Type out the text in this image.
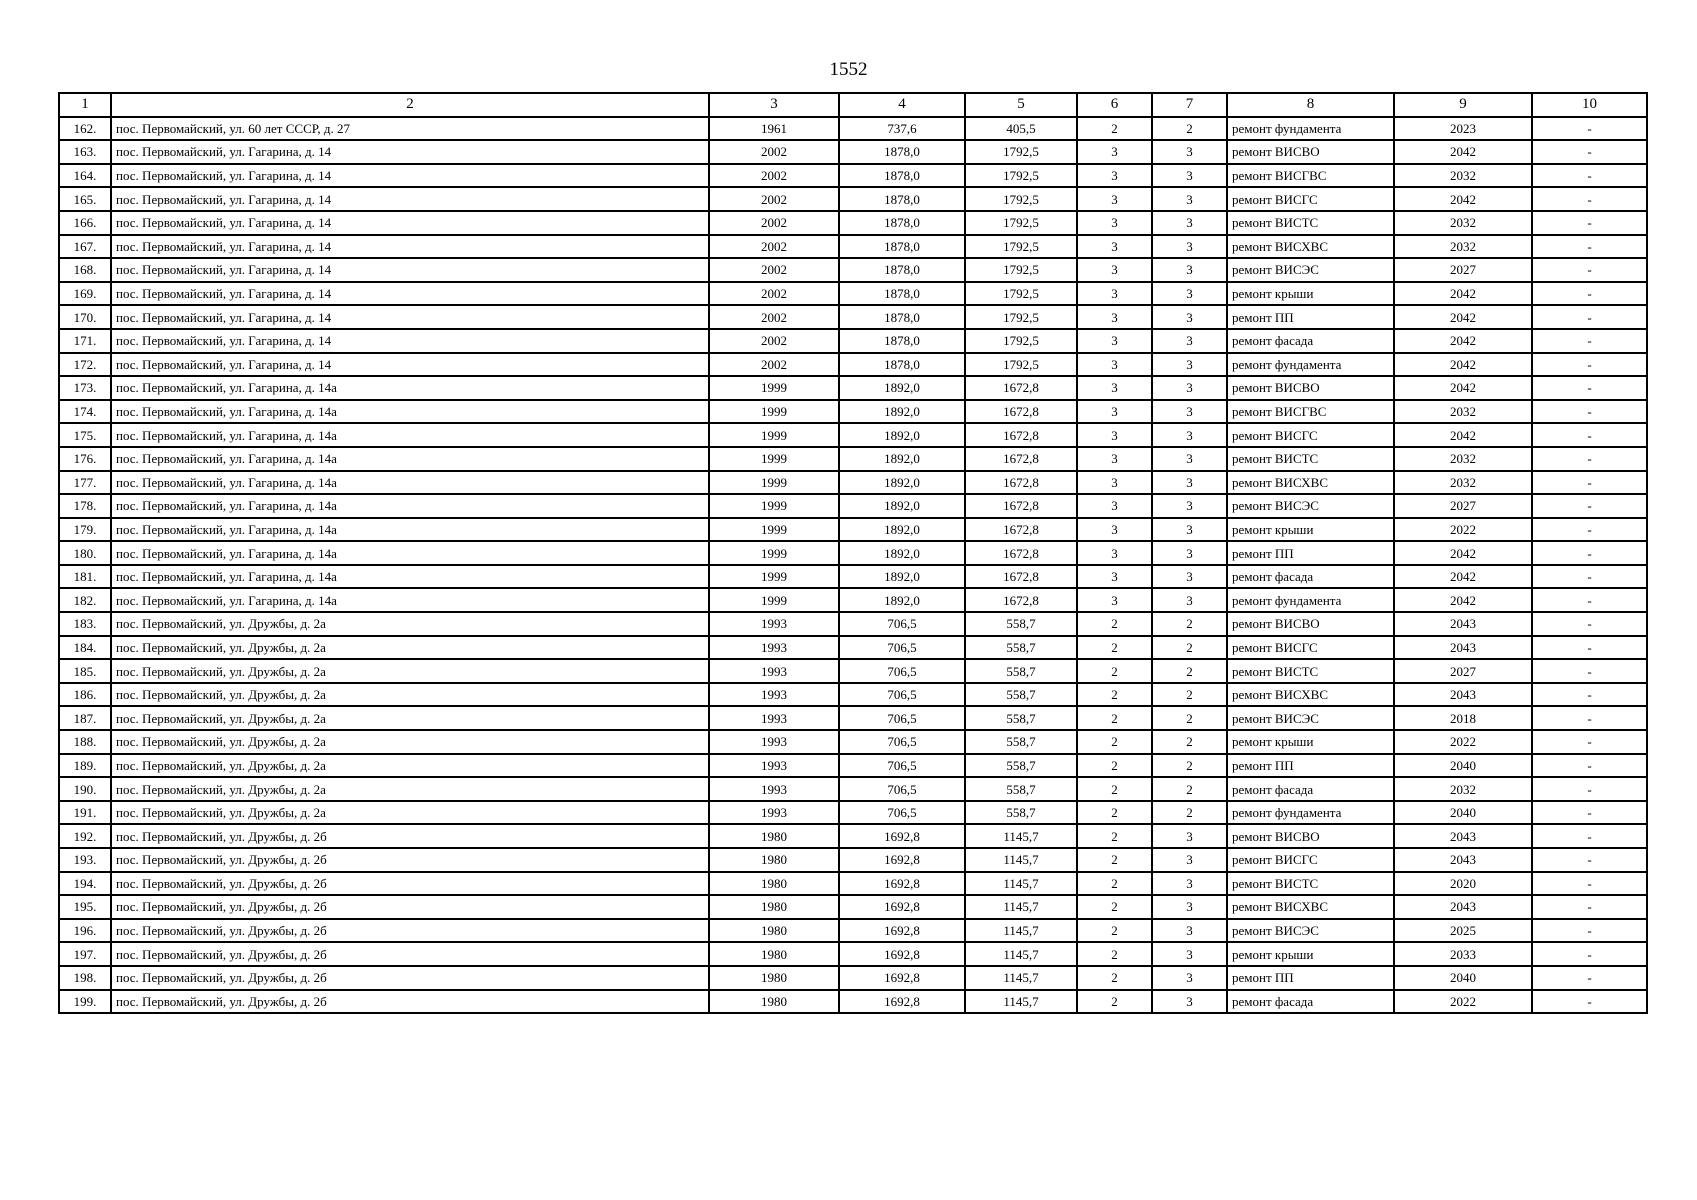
1552
1	2	3	4	5	6	7	8	9	10
162.	пос. Первомайский, ул. 60 лет СССР, д. 27	1961	737,6	405,5	2	2	ремонт фундамента	2023	-
163.	пос. Первомайский, ул. Гагарина, д. 14	2002	1878,0	1792,5	3	3	ремонт ВИСВО	2042	-
164.	пос. Первомайский, ул. Гагарина, д. 14	2002	1878,0	1792,5	3	3	ремонт ВИСГВС	2032	-
165.	пос. Первомайский, ул. Гагарина, д. 14	2002	1878,0	1792,5	3	3	ремонт ВИСГС	2042	-
166.	пос. Первомайский, ул. Гагарина, д. 14	2002	1878,0	1792,5	3	3	ремонт ВИСТС	2032	-
167.	пос. Первомайский, ул. Гагарина, д. 14	2002	1878,0	1792,5	3	3	ремонт ВИСХВС	2032	-
168.	пос. Первомайский, ул. Гагарина, д. 14	2002	1878,0	1792,5	3	3	ремонт ВИСЭС	2027	-
169.	пос. Первомайский, ул. Гагарина, д. 14	2002	1878,0	1792,5	3	3	ремонт крыши	2042	-
170.	пос. Первомайский, ул. Гагарина, д. 14	2002	1878,0	1792,5	3	3	ремонт ПП	2042	-
171.	пос. Первомайский, ул. Гагарина, д. 14	2002	1878,0	1792,5	3	3	ремонт фасада	2042	-
172.	пос. Первомайский, ул. Гагарина, д. 14	2002	1878,0	1792,5	3	3	ремонт фундамента	2042	-
173.	пос. Первомайский, ул. Гагарина, д. 14а	1999	1892,0	1672,8	3	3	ремонт ВИСВО	2042	-
174.	пос. Первомайский, ул. Гагарина, д. 14а	1999	1892,0	1672,8	3	3	ремонт ВИСГВС	2032	-
175.	пос. Первомайский, ул. Гагарина, д. 14а	1999	1892,0	1672,8	3	3	ремонт ВИСГС	2042	-
176.	пос. Первомайский, ул. Гагарина, д. 14а	1999	1892,0	1672,8	3	3	ремонт ВИСТС	2032	-
177.	пос. Первомайский, ул. Гагарина, д. 14а	1999	1892,0	1672,8	3	3	ремонт ВИСХВС	2032	-
178.	пос. Первомайский, ул. Гагарина, д. 14а	1999	1892,0	1672,8	3	3	ремонт ВИСЭС	2027	-
179.	пос. Первомайский, ул. Гагарина, д. 14а	1999	1892,0	1672,8	3	3	ремонт крыши	2022	-
180.	пос. Первомайский, ул. Гагарина, д. 14а	1999	1892,0	1672,8	3	3	ремонт ПП	2042	-
181.	пос. Первомайский, ул. Гагарина, д. 14а	1999	1892,0	1672,8	3	3	ремонт фасада	2042	-
182.	пос. Первомайский, ул. Гагарина, д. 14а	1999	1892,0	1672,8	3	3	ремонт фундамента	2042	-
183.	пос. Первомайский, ул. Дружбы, д. 2а	1993	706,5	558,7	2	2	ремонт ВИСВО	2043	-
184.	пос. Первомайский, ул. Дружбы, д. 2а	1993	706,5	558,7	2	2	ремонт ВИСГС	2043	-
185.	пос. Первомайский, ул. Дружбы, д. 2а	1993	706,5	558,7	2	2	ремонт ВИСТС	2027	-
186.	пос. Первомайский, ул. Дружбы, д. 2а	1993	706,5	558,7	2	2	ремонт ВИСХВС	2043	-
187.	пос. Первомайский, ул. Дружбы, д. 2а	1993	706,5	558,7	2	2	ремонт ВИСЭС	2018	-
188.	пос. Первомайский, ул. Дружбы, д. 2а	1993	706,5	558,7	2	2	ремонт крыши	2022	-
189.	пос. Первомайский, ул. Дружбы, д. 2а	1993	706,5	558,7	2	2	ремонт ПП	2040	-
190.	пос. Первомайский, ул. Дружбы, д. 2а	1993	706,5	558,7	2	2	ремонт фасада	2032	-
191.	пос. Первомайский, ул. Дружбы, д. 2а	1993	706,5	558,7	2	2	ремонт фундамента	2040	-
192.	пос. Первомайский, ул. Дружбы, д. 2б	1980	1692,8	1145,7	2	3	ремонт ВИСВО	2043	-
193.	пос. Первомайский, ул. Дружбы, д. 2б	1980	1692,8	1145,7	2	3	ремонт ВИСГС	2043	-
194.	пос. Первомайский, ул. Дружбы, д. 2б	1980	1692,8	1145,7	2	3	ремонт ВИСТС	2020	-
195.	пос. Первомайский, ул. Дружбы, д. 2б	1980	1692,8	1145,7	2	3	ремонт ВИСХВС	2043	-
196.	пос. Первомайский, ул. Дружбы, д. 2б	1980	1692,8	1145,7	2	3	ремонт ВИСЭС	2025	-
197.	пос. Первомайский, ул. Дружбы, д. 2б	1980	1692,8	1145,7	2	3	ремонт крыши	2033	-
198.	пос. Первомайский, ул. Дружбы, д. 2б	1980	1692,8	1145,7	2	3	ремонт ПП	2040	-
199.	пос. Первомайский, ул. Дружбы, д. 2б	1980	1692,8	1145,7	2	3	ремонт фасада	2022	-
